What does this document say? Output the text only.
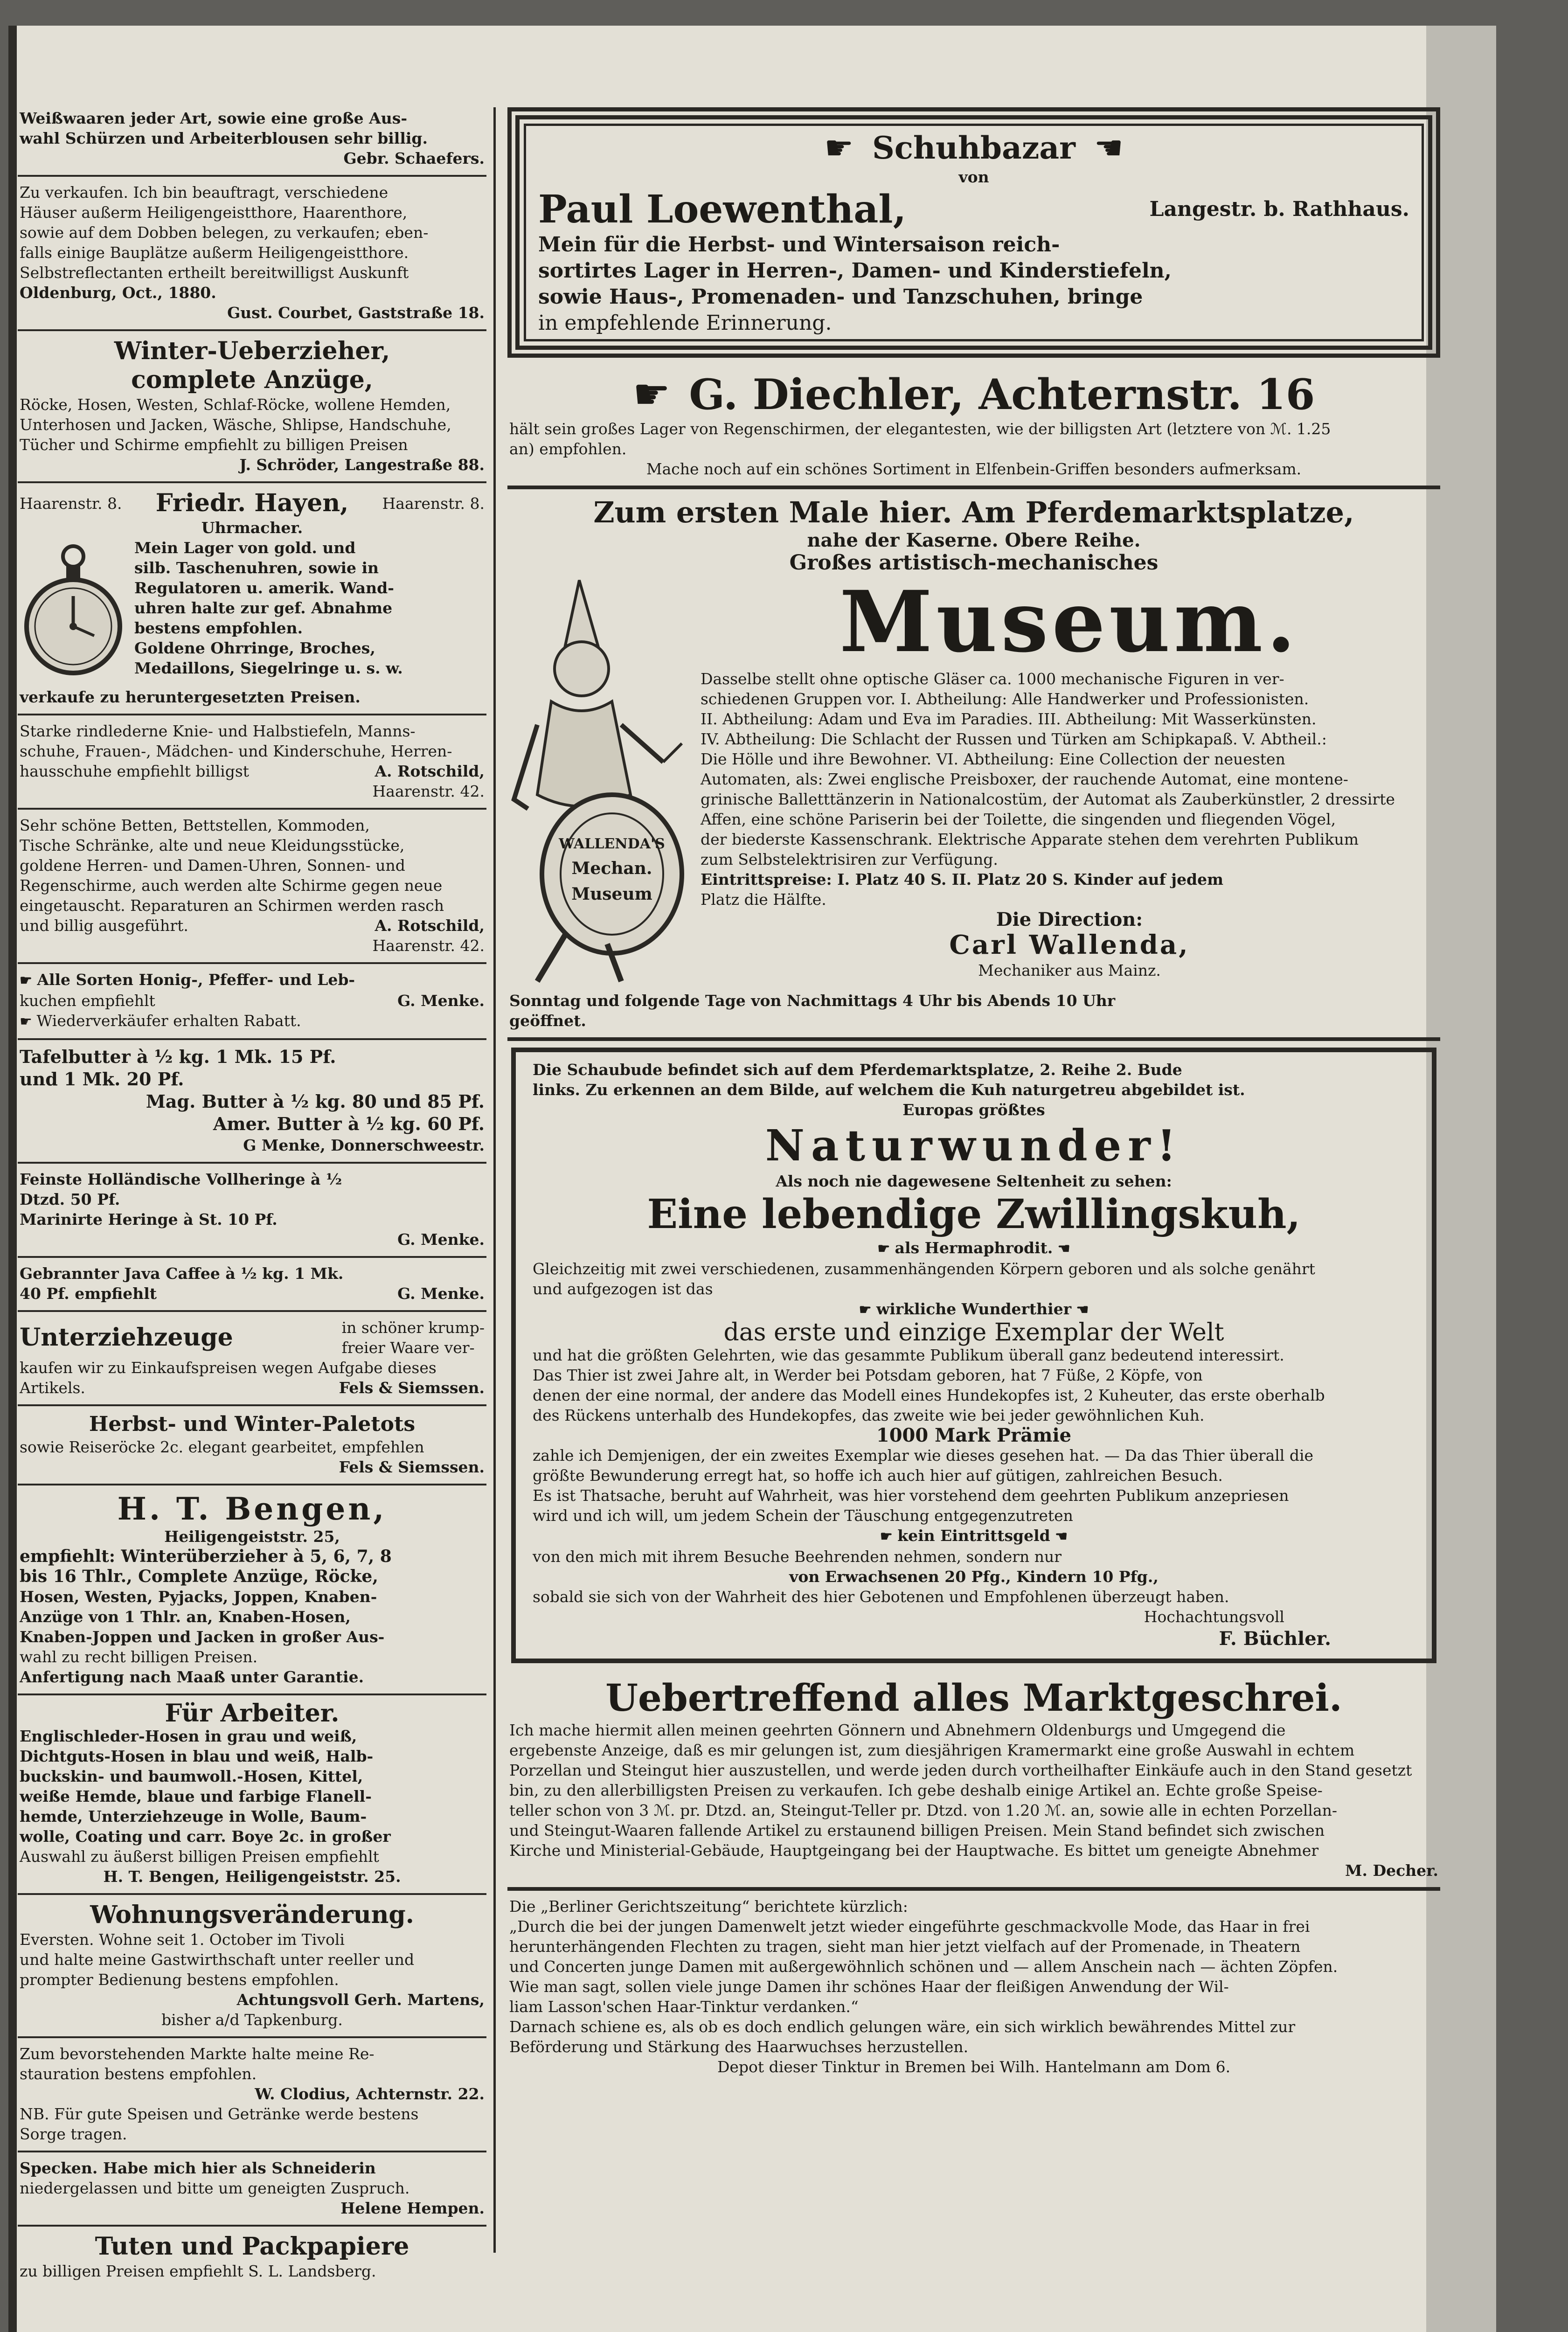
Weißwaaren jeder Art, sowie eine große Aus-

wahl Schürzen und Arbeiterblousen sehr billig.

Gebr. Schaefers.

Zu verkaufen. Ich bin beauftragt, verschiedene

Häuser außerm Heiligengeistthore, Haarenthore,

sowie auf dem Dobben belegen, zu verkaufen; eben-

falls einige Bauplätze außerm Heiligengeistthore.

Selbstreflectanten ertheilt bereitwilligst Auskunft

Oldenburg, Oct., 1880.

Gust. Courbet, Gaststraße 18.

Winter-Ueberzieher,

complete Anzüge,

Röcke, Hosen, Westen, Schlaf-Röcke, wollene Hemden,

Unterhosen und Jacken, Wäsche, Shlipse, Handschuhe,

Tücher und Schirme empfiehlt zu billigen Preisen

J. Schröder, Langestraße 88.

Haarenstr. 8. Friedr. Hayen, Haarenstr. 8.

Uhrmacher.

Mein Lager von gold. und

silb. Taschenuhren, sowie in

Regulatoren u. amerik. Wand-

uhren halte zur gef. Abnahme

bestens empfohlen.

Goldene Ohrringe, Broches,

Medaillons, Siegelringe u. s. w.

verkaufe zu heruntergesetzten Preisen.

Starke rindlederne Knie- und Halbstiefeln, Manns-

schuhe, Frauen-, Mädchen- und Kinderschuhe, Herren-

hausschuhe empfiehlt billigst	A. Rotschild,

Haarenstr. 42.

Sehr schöne Betten, Bettstellen, Kommoden,

Tische Schränke, alte und neue Kleidungsstücke,

goldene Herren- und Damen-Uhren, Sonnen- und

Regenschirme, auch werden alte Schirme gegen neue

eingetauscht. Reparaturen an Schirmen werden rasch

und billig ausgeführt.	A. Rotschild,

Haarenstr. 42.

☛ Alle Sorten Honig-, Pfeffer- und Leb-

kuchen empfiehlt	G. Menke.

☛ Wiederverkäufer erhalten Rabatt.

Tafelbutter à ½ kg. 1 Mk. 15 Pf.

und 1 Mk. 20 Pf.

Mag. Butter à ½ kg. 80 und 85 Pf.

Amer. Butter à ½ kg. 60 Pf.

G Menke, Donnerschweestr.

Feinste Holländische Vollheringe à ½

Dtzd. 50 Pf.

Marinirte Heringe à St. 10 Pf.

G. Menke.

Gebrannter Java Caffee à ½ kg. 1 Mk.

40 Pf. empfiehlt	G. Menke.
Unterziehzeuge	in schöner krump-

freier Waare ver-

kaufen wir zu Einkaufspreisen wegen Aufgabe dieses

Artikels.	Fels & Siemssen.

Herbst- und Winter-Paletots

sowie Reiseröcke 2c. elegant gearbeitet, empfehlen

Fels & Siemssen.

H. T. Bengen,

Heiligengeiststr. 25,

empfiehlt: Winterüberzieher à 5, 6, 7, 8

bis 16 Thlr., Complete Anzüge, Röcke,

Hosen, Westen, Pyjacks, Joppen, Knaben-

Anzüge von 1 Thlr. an, Knaben-Hosen,

Knaben-Joppen und Jacken in großer Aus-

wahl zu recht billigen Preisen.

Anfertigung nach Maaß unter Garantie.

Für Arbeiter.

Englischleder-Hosen in grau und weiß,

Dichtguts-Hosen in blau und weiß, Halb-

buckskin- und baumwoll.-Hosen, Kittel,

weiße Hemde, blaue und farbige Flanell-

hemde, Unterziehzeuge in Wolle, Baum-

wolle, Coating und carr. Boye 2c. in großer

Auswahl zu äußerst billigen Preisen empfiehlt

H. T. Bengen, Heiligengeiststr. 25.

Wohnungsveränderung.

Eversten. Wohne seit 1. October im Tivoli

und halte meine Gastwirthschaft unter reeller und

prompter Bedienung bestens empfohlen.

Achtungsvoll Gerh. Martens,

bisher a/d Tapkenburg.

Zum bevorstehenden Markte halte meine Re-

stauration bestens empfohlen.

W. Clodius, Achternstr. 22.

NB. Für gute Speisen und Getränke werde bestens

Sorge tragen.

Specken. Habe mich hier als Schneiderin

niedergelassen und bitte um geneigten Zuspruch.

Helene Hempen.

Tuten und Packpapiere

zu billigen Preisen empfiehlt S. L. Landsberg.

☛ Schuhbazar ☚

von

Paul Loewenthal,	Langestr. b. Rathhaus.

Mein für die Herbst- und Wintersaison reich-

sortirtes Lager in Herren-, Damen- und Kinderstiefeln,

sowie Haus-, Promenaden- und Tanzschuhen, bringe

in empfehlende Erinnerung.

☛ G. Diechler, Achternstr. 16

hält sein großes Lager von Regenschirmen, der elegantesten, wie der billigsten Art (letztere von ℳ. 1.25

an) empfohlen.

Mache noch auf ein schönes Sortiment in Elfenbein-Griffen besonders aufmerksam.

Zum ersten Male hier. Am Pferdemarktsplatze,

nahe der Kaserne. Obere Reihe.

Großes artistisch-mechanisches

WALLENDA'S
Mechan.
Museum

Museum.

Dasselbe stellt ohne optische Gläser ca. 1000 mechanische Figuren in ver-

schiedenen Gruppen vor. I. Abtheilung: Alle Handwerker und Professionisten.

II. Abtheilung: Adam und Eva im Paradies. III. Abtheilung: Mit Wasserkünsten.

IV. Abtheilung: Die Schlacht der Russen und Türken am Schipkapaß. V. Abtheil.:

Die Hölle und ihre Bewohner. VI. Abtheilung: Eine Collection der neuesten

Automaten, als: Zwei englische Preisboxer, der rauchende Automat, eine montene-

grinische Balletttänzerin in Nationalcostüm, der Automat als Zauberkünstler, 2 dressirte

Affen, eine schöne Pariserin bei der Toilette, die singenden und fliegenden Vögel,

der biederste Kassenschrank. Elektrische Apparate stehen dem verehrten Publikum

zum Selbstelektrisiren zur Verfügung.

Eintrittspreise: I. Platz 40 S. II. Platz 20 S. Kinder auf jedem

Platz die Hälfte.

Die Direction:

Carl Wallenda,

Mechaniker aus Mainz.

Sonntag und folgende Tage von Nachmittags 4 Uhr bis Abends 10 Uhr

geöffnet.

Die Schaubude befindet sich auf dem Pferdemarktsplatze, 2. Reihe 2. Bude

links. Zu erkennen an dem Bilde, auf welchem die Kuh naturgetreu abgebildet ist.

Europas größtes

Naturwunder!

Als noch nie dagewesene Seltenheit zu sehen:

Eine lebendige Zwillingskuh,

☛ als Hermaphrodit. ☚

Gleichzeitig mit zwei verschiedenen, zusammenhängenden Körpern geboren und als solche genährt

und aufgezogen ist das

☛ wirkliche Wunderthier ☚

das erste und einzige Exemplar der Welt

und hat die größten Gelehrten, wie das gesammte Publikum überall ganz bedeutend interessirt.

Das Thier ist zwei Jahre alt, in Werder bei Potsdam geboren, hat 7 Füße, 2 Köpfe, von

denen der eine normal, der andere das Modell eines Hundekopfes ist, 2 Kuheuter, das erste oberhalb

des Rückens unterhalb des Hundekopfes, das zweite wie bei jeder gewöhnlichen Kuh.

1000 Mark Prämie

zahle ich Demjenigen, der ein zweites Exemplar wie dieses gesehen hat. — Da das Thier überall die

größte Bewunderung erregt hat, so hoffe ich auch hier auf gütigen, zahlreichen Besuch.

Es ist Thatsache, beruht auf Wahrheit, was hier vorstehend dem geehrten Publikum anzepriesen

wird und ich will, um jedem Schein der Täuschung entgegenzutreten

☛ kein Eintrittsgeld ☚

von den mich mit ihrem Besuche Beehrenden nehmen, sondern nur

von Erwachsenen 20 Pfg., Kindern 10 Pfg.,

sobald sie sich von der Wahrheit des hier Gebotenen und Empfohlenen überzeugt haben.

Hochachtungsvoll

F. Büchler.

Uebertreffend alles Marktgeschrei.

Ich mache hiermit allen meinen geehrten Gönnern und Abnehmern Oldenburgs und Umgegend die

ergebenste Anzeige, daß es mir gelungen ist, zum diesjährigen Kramermarkt eine große Auswahl in echtem

Porzellan und Steingut hier auszustellen, und werde jeden durch vortheilhafter Einkäufe auch in den Stand gesetzt

bin, zu den allerbilligsten Preisen zu verkaufen. Ich gebe deshalb einige Artikel an. Echte große Speise-

teller schon von 3 ℳ. pr. Dtzd. an, Steingut-Teller pr. Dtzd. von 1.20 ℳ. an, sowie alle in echten Porzellan-

und Steingut-Waaren fallende Artikel zu erstaunend billigen Preisen. Mein Stand befindet sich zwischen

Kirche und Ministerial-Gebäude, Hauptgeingang bei der Hauptwache. Es bittet um geneigte Abnehmer

M. Decher.

Die „Berliner Gerichtszeitung“ berichtete kürzlich:

„Durch die bei der jungen Damenwelt jetzt wieder eingeführte geschmackvolle Mode, das Haar in frei

herunterhängenden Flechten zu tragen, sieht man hier jetzt vielfach auf der Promenade, in Theatern

und Concerten junge Damen mit außergewöhnlich schönen und — allem Anschein nach — ächten Zöpfen.

Wie man sagt, sollen viele junge Damen ihr schönes Haar der fleißigen Anwendung der Wil-

liam Lasson'schen Haar-Tinktur verdanken.“

Darnach schiene es, als ob es doch endlich gelungen wäre, ein sich wirklich bewährendes Mittel zur

Beförderung und Stärkung des Haarwuchses herzustellen.

Depot dieser Tinktur in Bremen bei Wilh. Hantelmann am Dom 6.
